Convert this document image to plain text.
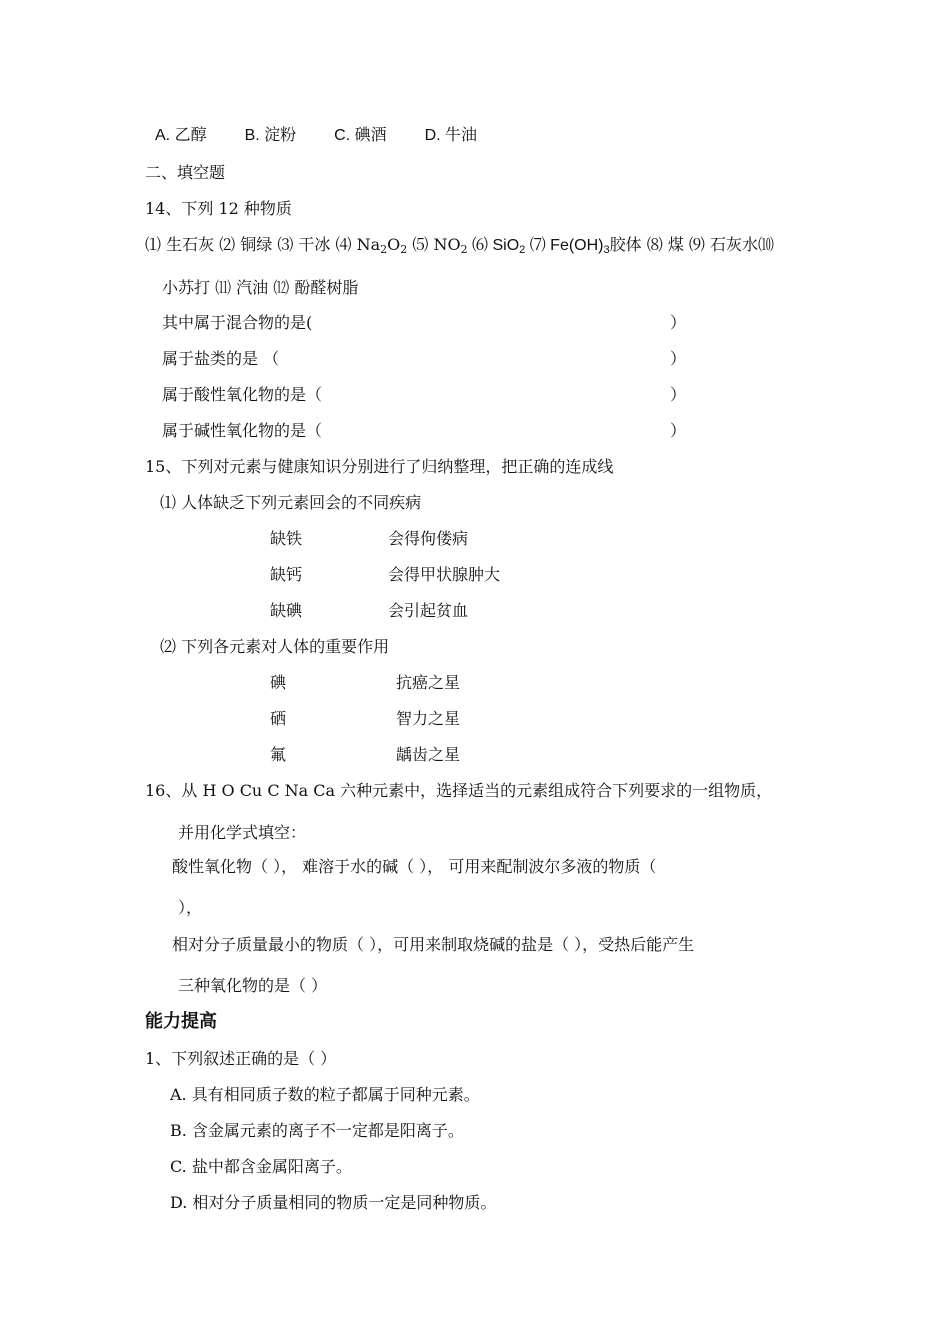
A. 乙醇 B. 淀粉 C. 碘酒 D. 牛油
二、填空题
14、下列 12 种物质
⑴ 生石灰 ⑵ 铜绿 ⑶ 干冰 ⑷ $Na_2O_2$ ⑸ $NO_2$ ⑹ SiO$_2$ ⑺ $Fe(OH)_3$胶体 ⑻ 煤 ⑼ 石灰水⑽
小苏打 ⑾ 汽油 ⑿ 酚醛树脂
其中属于混合物的是(	）
属于盐类的是 （	）
属于酸性氧化物的是（	）
属于碱性氧化物的是（	）
15、下列对元素与健康知识分别进行了归纳整理，把正确的连成线
⑴ 人体缺乏下列元素回会的不同疾病
缺铁	会得佝偻病
缺钙	会得甲状腺肿大
缺碘	会引起贫血
⑵ 下列各元素对人体的重要作用
碘	抗癌之星
硒	智力之星
氟	龋齿之星
16、从 H O Cu C Na Ca 六种元素中，选择适当的元素组成符合下列要求的一组物质，
并用化学式填空：
酸性氧化物（ ）， 难溶于水的碱（ ）， 可用来配制波尔多液的物质（
），
相对分子质量最小的物质（ ），可用来制取烧碱的盐是（ ），受热后能产生
三种氧化物的是（ ）
能力提高
1、下列叙述正确的是（ ）
A. 具有相同质子数的粒子都属于同种元素。
B. 含金属元素的离子不一定都是阳离子。
C. 盐中都含金属阳离子。
D. 相对分子质量相同的物质一定是同种物质。
